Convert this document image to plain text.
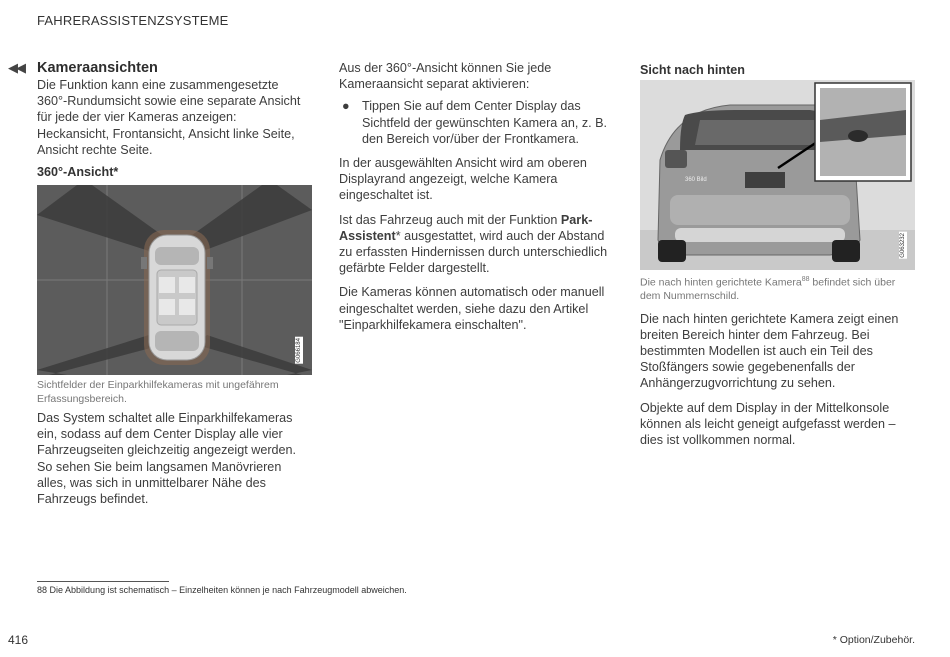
FAHRERASSISTENZSYSTEME
◀◀ Kameraansichten

Die Funktion kann eine zusammengesetzte 360°-Rundumsicht sowie eine separate Ansicht für jede der vier Kameras anzeigen: Heckansicht, Frontansicht, Ansicht linke Seite, Ansicht rechte Seite.

360°-Ansicht*
G066184
Sichtfelder der Einparkhilfekameras mit ungefährem Erfassungsbereich.

Das System schaltet alle Einparkhilfekameras ein, sodass auf dem Center Display alle vier Fahrzeugseiten gleichzeitig angezeigt werden. So sehen Sie beim langsamen Manövrieren alles, was sich in unmittelbarer Nähe des Fahrzeugs befindet.

Aus der 360°-Ansicht können Sie jede Kameraansicht separat aktivieren:

● Tippen Sie auf dem Center Display das Sichtfeld der gewünschten Kamera an, z. B. den Bereich vor/über der Frontkamera.

In der ausgewählten Ansicht wird am oberen Displayrand angezeigt, welche Kamera eingeschaltet ist.

Ist das Fahrzeug auch mit der Funktion Park-Assistent* ausgestattet, wird auch der Abstand zu erfassten Hindernissen durch unterschiedlich gefärbte Felder dargestellt.

Die Kameras können automatisch oder manuell eingeschaltet werden, siehe dazu den Artikel "Einparkhilfekamera einschalten".

Sicht nach hinten
360 Bild
G063232
Die nach hinten gerichtete Kamera$^{88}$ befindet sich über dem Nummernschild.

Die nach hinten gerichtete Kamera zeigt einen breiten Bereich hinter dem Fahrzeug. Bei bestimmten Modellen ist auch ein Teil des Stoßfängers sowie gegebenenfalls der Anhängerzugvorrichtung zu sehen.

Objekte auf dem Display in der Mittelkonsole können als leicht geneigt aufgefasst werden – dies ist vollkommen normal.

88 Die Abbildung ist schematisch – Einzelheiten können je nach Fahrzeugmodell abweichen.
416	* Option/Zubehör.
